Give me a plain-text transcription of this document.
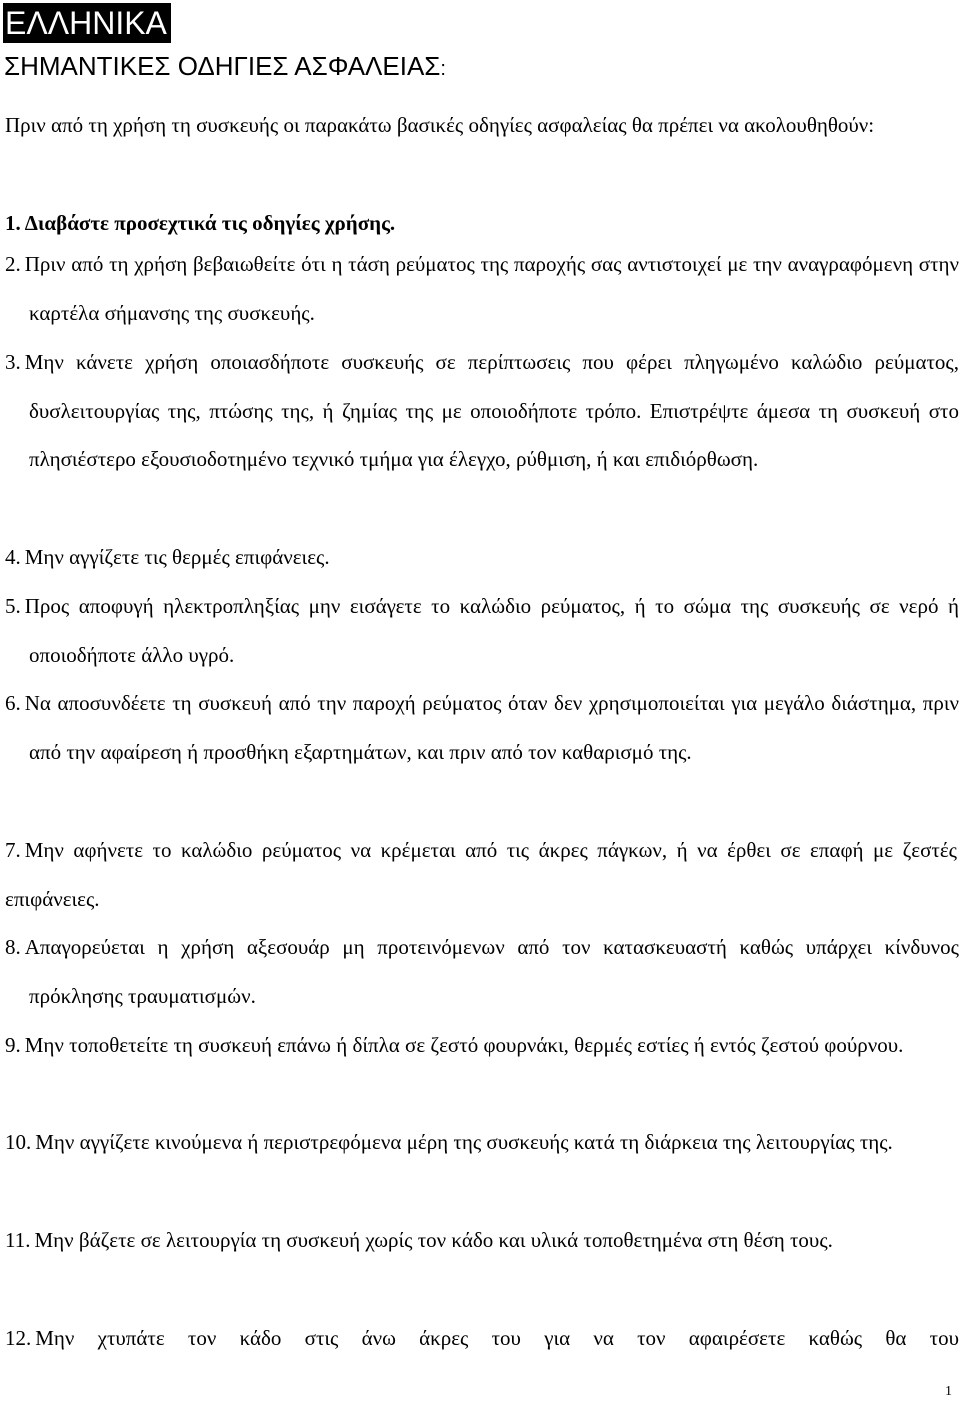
ΕΛΛΗΝΙΚΑ
ΣΗΜΑΝΤΙΚΕΣ ΟΔΗΓΙΕΣ ΑΣΦΑΛΕΙΑΣ:
Πριν από τη χρήση τη συσκευής οι παρακάτω βασικές οδηγίες ασφαλείας θα πρέπει να ακολουθηθούν:
1. Διαβάστε προσεχτικά τις οδηγίες χρήσης.
2. Πριν από τη χρήση βεβαιωθείτε ότι η τάση ρεύματος της παροχής σας αντιστοιχεί με την αναγραφόμενη στην καρτέλα σήμανσης της συσκευής.
3. Μην κάνετε χρήση οποιασδήποτε συσκευής σε περίπτωσεις που φέρει πληγωμένο καλώδιο ρεύματος, δυσλειτουργίας της, πτώσης της, ή ζημίας της με οποιοδήποτε τρόπο. Επιστρέψτε άμεσα τη συσκευή στο πλησιέστερο εξουσιοδοτημένο τεχνικό τμήμα για έλεγχο, ρύθμιση, ή και επιδιόρθωση.
4. Μην αγγίζετε τις θερμές επιφάνειες.
5. Προς αποφυγή ηλεκτροπληξίας μην εισάγετε το καλώδιο ρεύματος, ή το σώμα της συσκευής σε νερό ή οποιοδήποτε άλλο υγρό.
6. Να αποσυνδέετε τη συσκευή από την παροχή ρεύματος όταν δεν χρησιμοποιείται για μεγάλο διάστημα, πριν από την αφαίρεση ή προσθήκη εξαρτημάτων, και πριν από τον καθαρισμό της.
7. Μην αφήνετε το καλώδιο ρεύματος να κρέμεται από τις άκρες πάγκων, ή να έρθει σε επαφή με ζεστές επιφάνειες.
8. Απαγορεύεται η χρήση αξεσουάρ μη προτεινόμενων από τον κατασκευαστή καθώς υπάρχει κίνδυνος πρόκλησης τραυματισμών.
9. Μην τοποθετείτε τη συσκευή επάνω ή δίπλα σε ζεστό φουρνάκι, θερμές εστίες ή εντός ζεστού φούρνου.
10. Μην αγγίζετε κινούμενα ή περιστρεφόμενα μέρη της συσκευής κατά τη διάρκεια της λειτουργίας της.
11. Μην βάζετε σε λειτουργία τη συσκευή χωρίς τον κάδο και υλικά τοποθετημένα στη θέση τους.
12. Μην χτυπάτε τον κάδο στις άνω άκρες του για να τον αφαιρέσετε καθώς θα του
1
